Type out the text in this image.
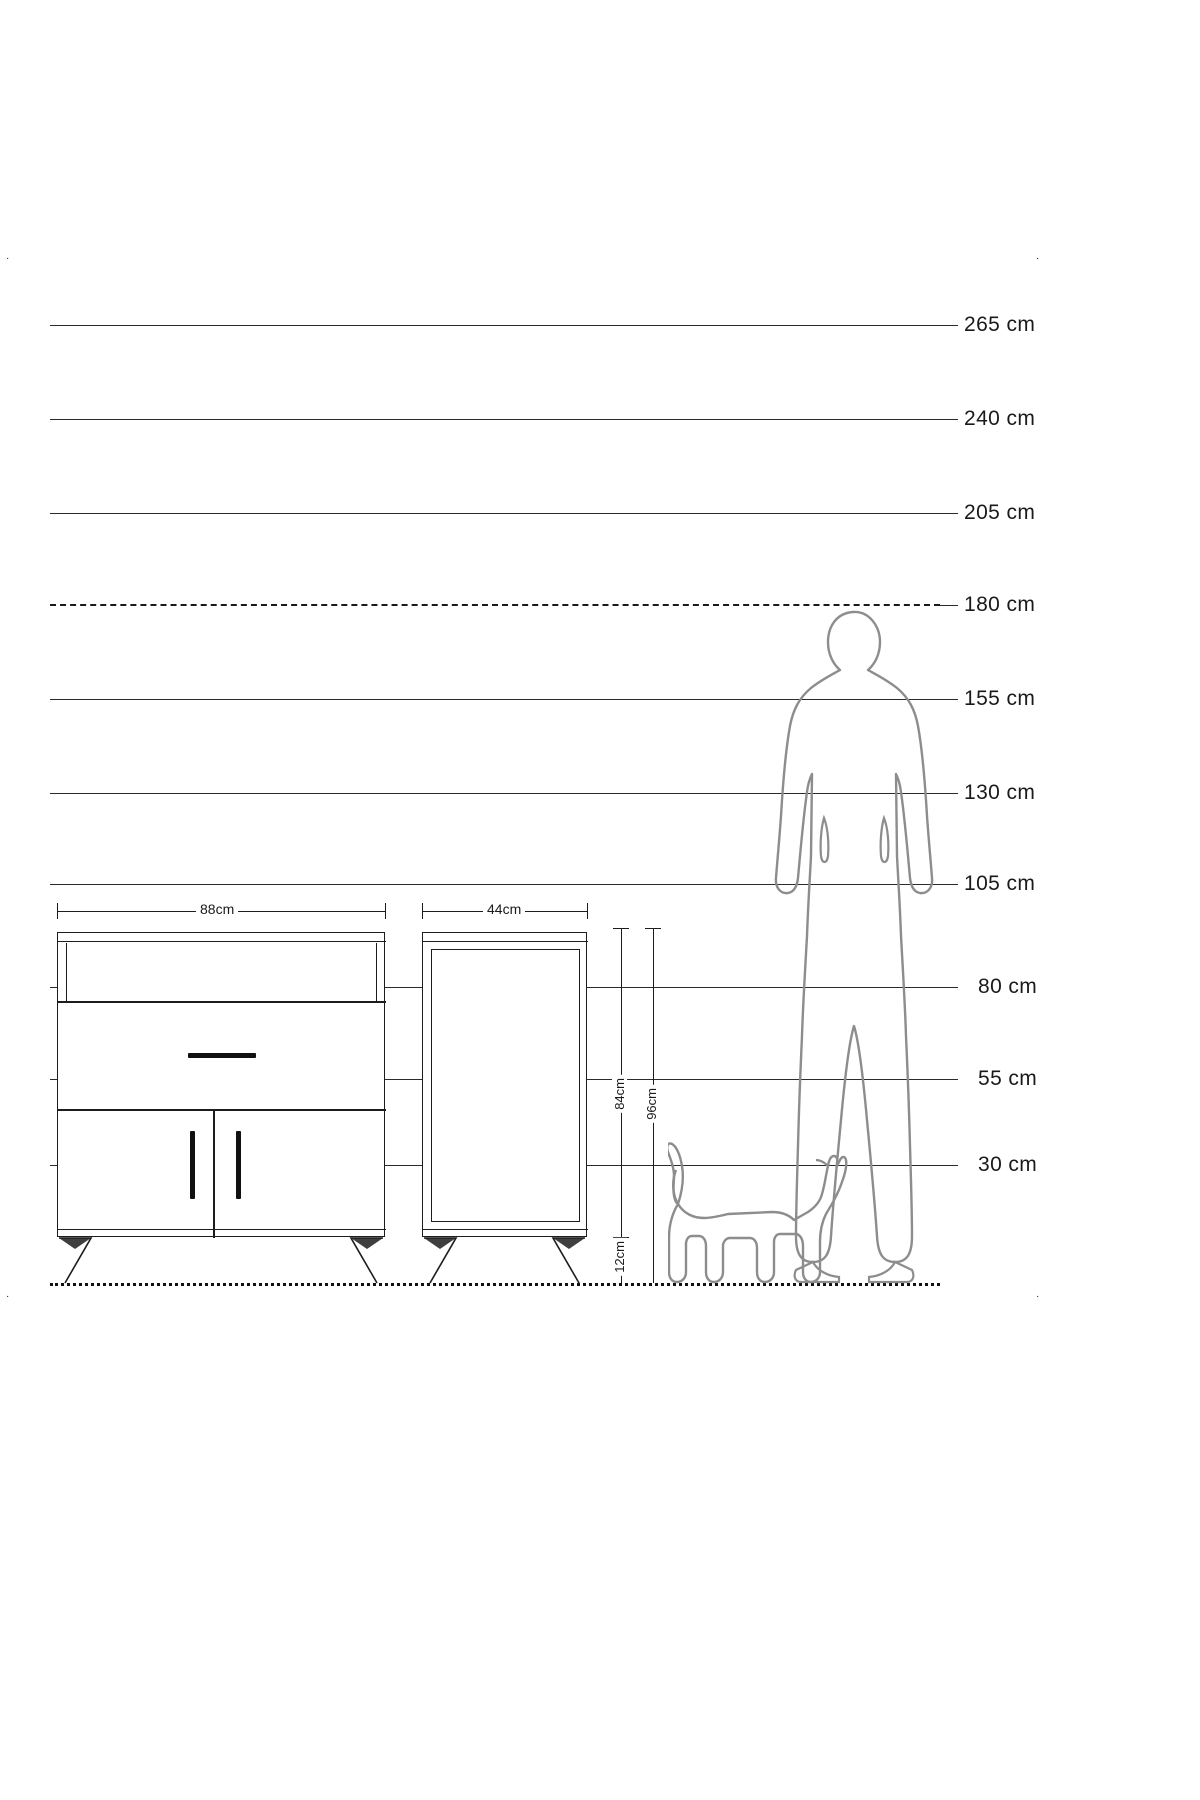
·	·
·	·
265 cm
240 cm
205 cm
180 cm
155 cm
130 cm
105 cm
80 cm
55 cm
30 cm
88cm	44cm
84cm 96cm
12cm
